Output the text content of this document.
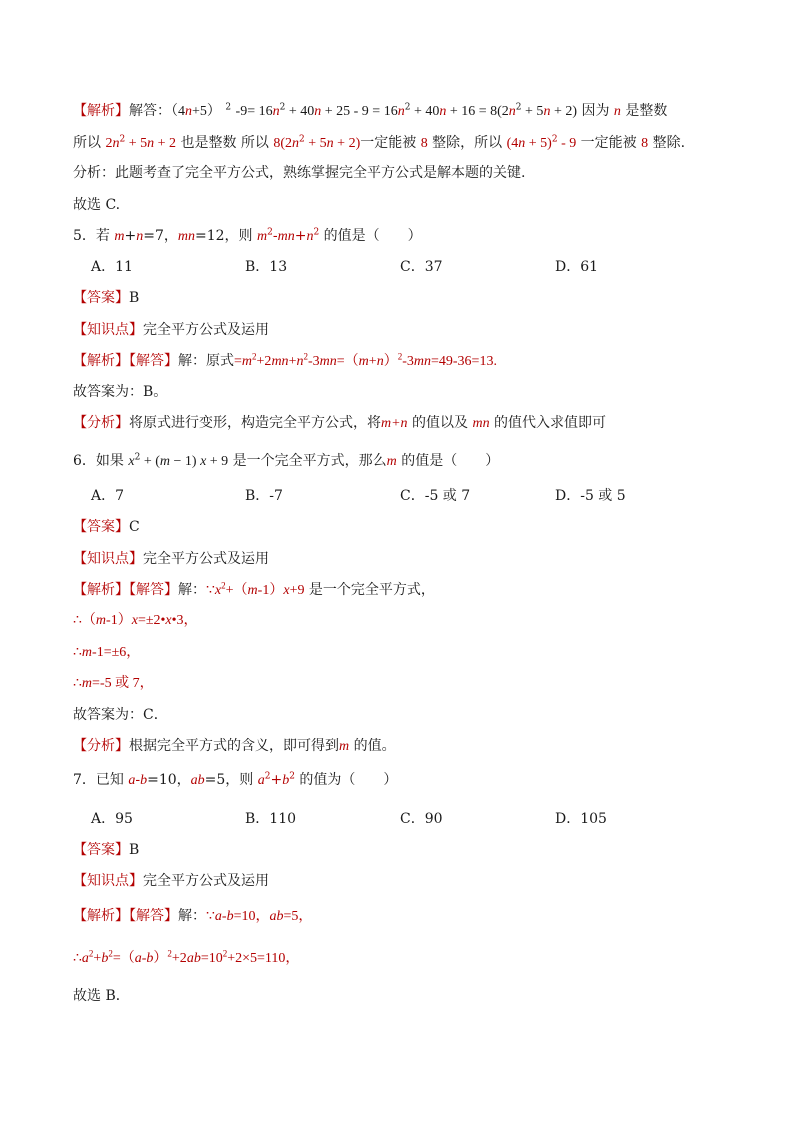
【解析】解答：（4n+5） $^2$ $-9= 16n^2 + 40n + 25 - 9 = 16n^2 + 40n + 16 = 8(2n^2 + 5n + 2)$ 因为 n 是整数
所以 $2n^2 + 5n + 2$ 也是整数 所以 $8(2n^2 + 5n + 2)$一定能被 8 整除，所以 $(4n + 5)^2 - 9$ 一定能被 8 整除.
分析：此题考查了完全平方公式，熟练掌握完全平方公式是解本题的关键.
故选 C.
5．若 m+n=7，mn=12，则 $m^2-mn+n^2$ 的值是（　　）
A．11	B．13	C．37	D．61
【答案】B
【知识点】完全平方公式及运用
【解析】【解答】解：原式$=m^2+2mn+n^2-3mn=(m+n)^2-3mn=49-36=13$.
故答案为：B。
【分析】将原式进行变形，构造完全平方公式，将m+n 的值以及 mn 的值代入求值即可
6．如果 $x^2 + (m - 1) x + 9$ 是一个完全平方式，那么m 的值是（　　）
A．7	B．-7	C．-5 或 7	D．-5 或 5
【答案】C
【知识点】完全平方公式及运用
【解析】【解答】解：$\because x^2+(m-1)x+9$ 是一个完全平方式，
∴（m-1）x=±2•x•3，
∴m-1=±6，
∴m=-5 或 7，
故答案为：C．
【分析】根据完全平方式的含义，即可得到m 的值。
7．已知 a-b=10，ab=5，则 $a^2+b^2$ 的值为（　　）
A．95	B．110	C．90	D．105
【答案】B
【知识点】完全平方公式及运用
【解析】【解答】解：∵a-b=10，ab=5，
$\therefore a^2+b^2=(a-b)^2+2ab=10^2+2\times 5=110$，
故选 B．
